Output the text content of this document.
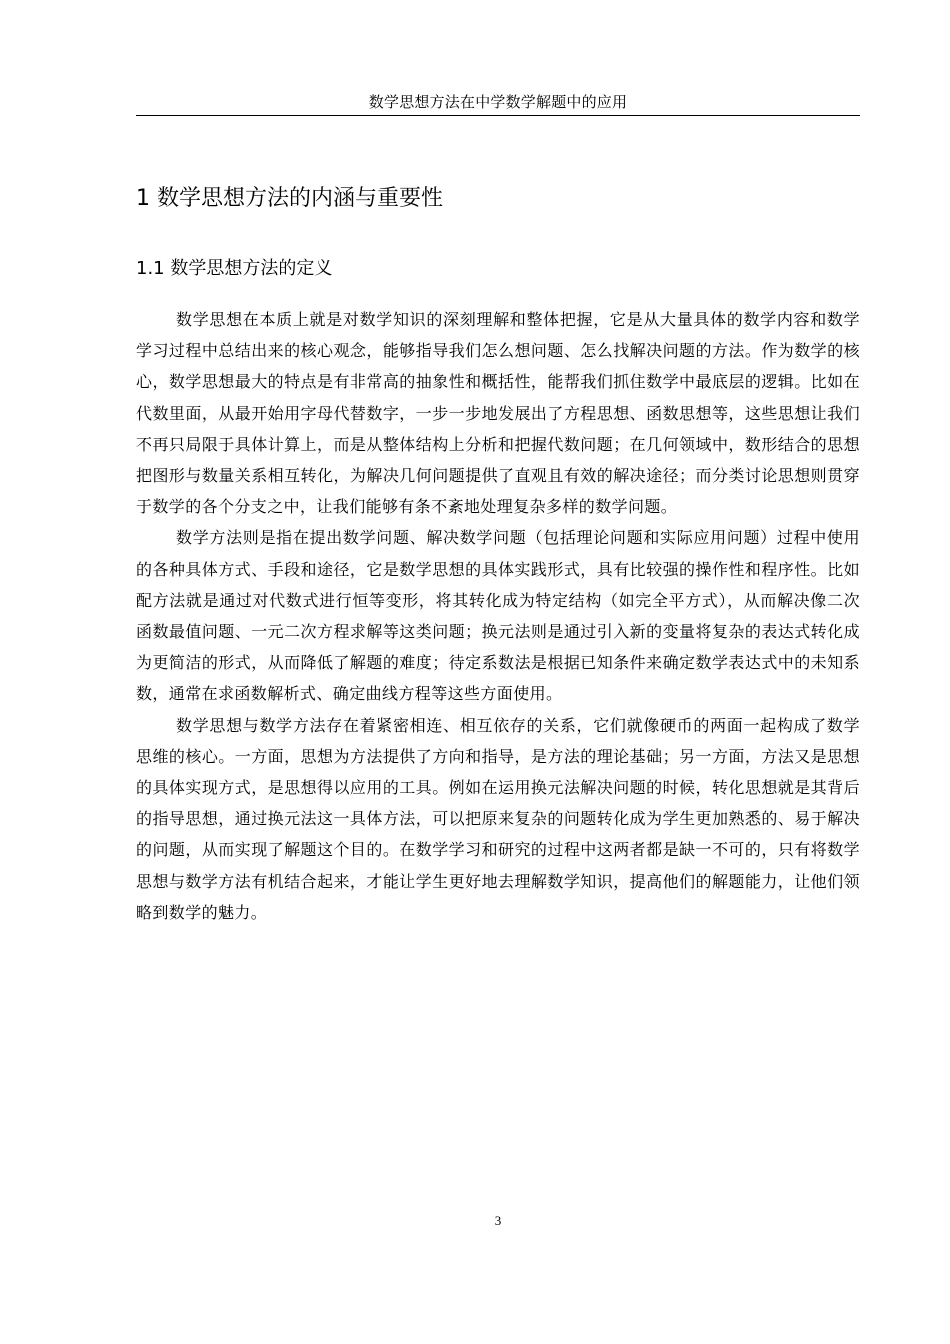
数学思想方法在中学数学解题中的应用
1 数学思想方法的内涵与重要性
1.1 数学思想方法的定义

数学思想在本质上就是对数学知识的深刻理解和整体把握，它是从大量具体的数学内容和数学学习过程中总结出来的核心观念，能够指导我们怎么想问题、怎么找解决问题的方法。作为数学的核心，数学思想最大的特点是有非常高的抽象性和概括性，能帮我们抓住数学中最底层的逻辑。比如在代数里面，从最开始用字母代替数字，一步一步地发展出了方程思想、函数思想等，这些思想让我们不再只局限于具体计算上，而是从整体结构上分析和把握代数问题；在几何领域中，数形结合的思想把图形与数量关系相互转化，为解决几何问题提供了直观且有效的解决途径；而分类讨论思想则贯穿于数学的各个分支之中，让我们能够有条不紊地处理复杂多样的数学问题。

数学方法则是指在提出数学问题、解决数学问题（包括理论问题和实际应用问题）过程中使用的各种具体方式、手段和途径，它是数学思想的具体实践形式，具有比较强的操作性和程序性。比如配方法就是通过对代数式进行恒等变形，将其转化成为特定结构（如完全平方式），从而解决像二次函数最值问题、一元二次方程求解等这类问题；换元法则是通过引入新的变量将复杂的表达式转化成为更简洁的形式，从而降低了解题的难度；待定系数法是根据已知条件来确定数学表达式中的未知系数，通常在求函数解析式、确定曲线方程等这些方面使用。

数学思想与数学方法存在着紧密相连、相互依存的关系，它们就像硬币的两面一起构成了数学思维的核心。一方面，思想为方法提供了方向和指导，是方法的理论基础；另一方面，方法又是思想的具体实现方式，是思想得以应用的工具。例如在运用换元法解决问题的时候，转化思想就是其背后的指导思想，通过换元法这一具体方法，可以把原来复杂的问题转化成为学生更加熟悉的、易于解决的问题，从而实现了解题这个目的。在数学学习和研究的过程中这两者都是缺一不可的，只有将数学思想与数学方法有机结合起来，才能让学生更好地去理解数学知识，提高他们的解题能力，让他们领略到数学的魅力。

3
